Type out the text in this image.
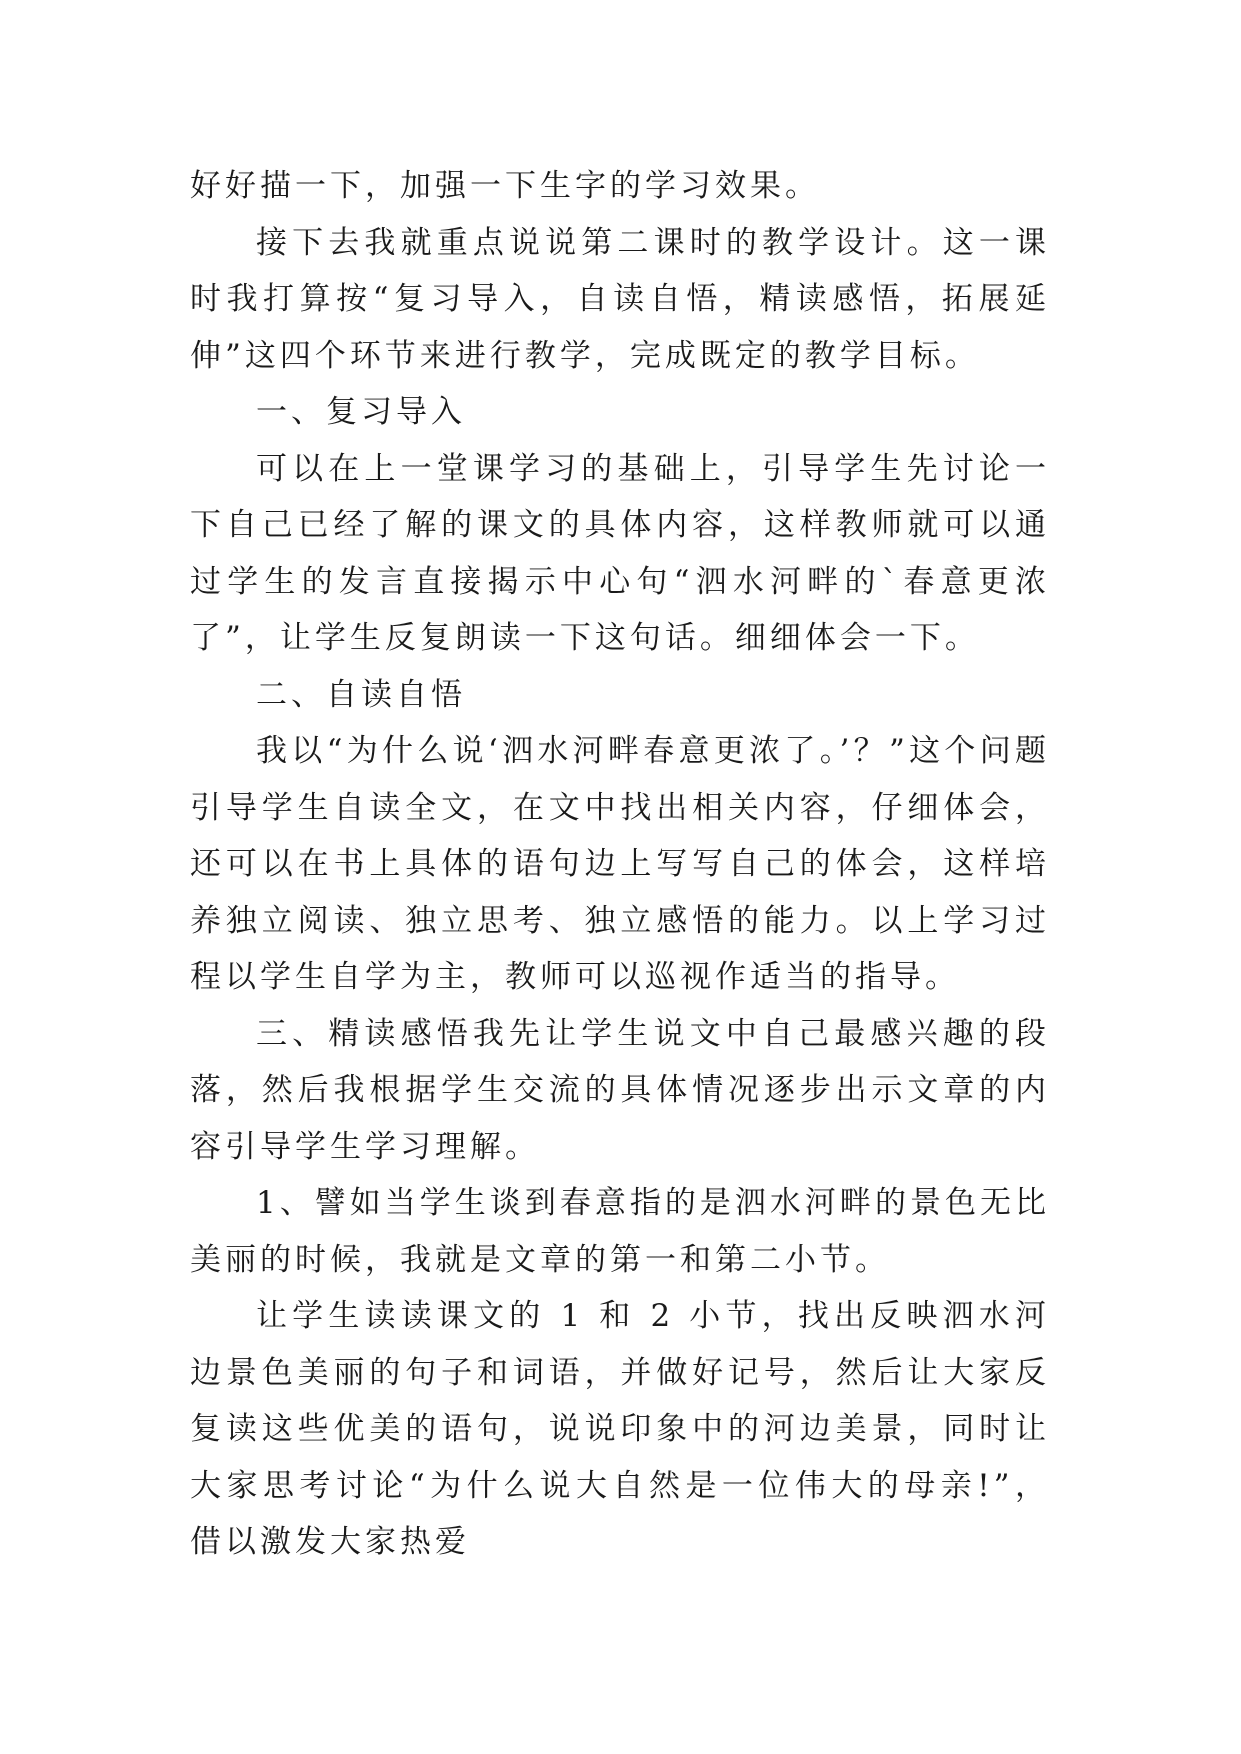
好好描一下，加强一下生字的学习效果。

接下去我就重点说说第二课时的教学设计。这一课时我打算按“复习导入，自读自悟，精读感悟，拓展延伸”这四个环节来进行教学，完成既定的教学目标。

一、复习导入

可以在上一堂课学习的基础上，引导学生先讨论一下自己已经了解的课文的具体内容，这样教师就可以通过学生的发言直接揭示中心句“泗水河畔的`春意更浓了”，让学生反复朗读一下这句话。细细体会一下。

二、自读自悟

我以“为什么说‘泗水河畔春意更浓了。’？”这个问题引导学生自读全文，在文中找出相关内容，仔细体会，还可以在书上具体的语句边上写写自己的体会，这样培养独立阅读、独立思考、独立感悟的能力。以上学习过程以学生自学为主，教师可以巡视作适当的指导。

三、精读感悟我先让学生说文中自己最感兴趣的段落，然后我根据学生交流的具体情况逐步出示文章的内容引导学生学习理解。

1、譬如当学生谈到春意指的是泗水河畔的景色无比美丽的时候，我就是文章的第一和第二小节。

让学生读读课文的 1 和 2 小节，找出反映泗水河边景色美丽的句子和词语，并做好记号，然后让大家反复读这些优美的语句，说说印象中的河边美景，同时让大家思考讨论“为什么说大自然是一位伟大的母亲!”，借以激发大家热爱
